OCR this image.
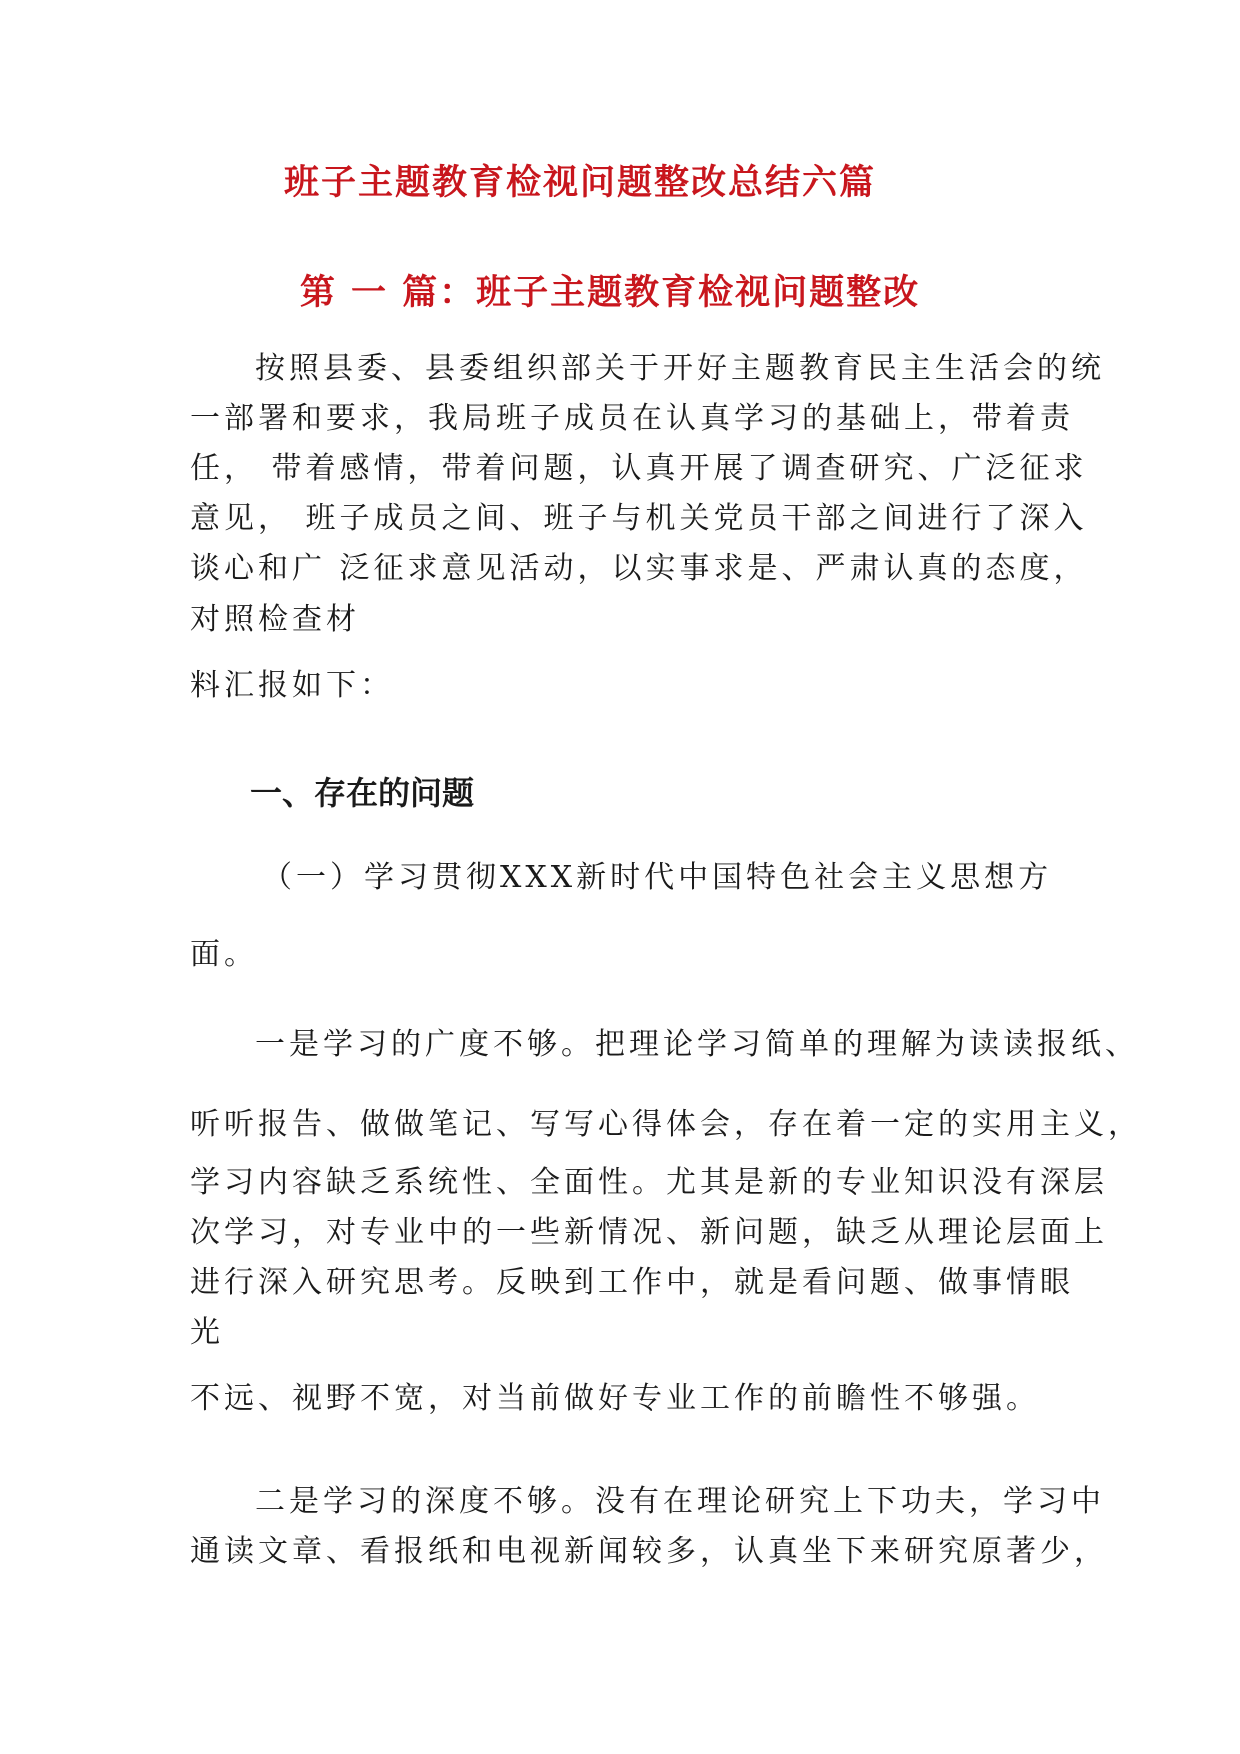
班子主题教育检视问题整改总结六篇
第 一 篇：班子主题教育检视问题整改
按照县委、县委组织部关于开好主题教育民主生活会的统
一部署和要求，我局班子成员在认真学习的基础上，带着责
任， 带着感情，带着问题，认真开展了调查研究、广泛征求
意见， 班子成员之间、班子与机关党员干部之间进行了深入
谈心和广 泛征求意见活动，以实事求是、严肃认真的态度，
对照检查材
料汇报如下：
一、存在的问题
（一）学习贯彻XXX新时代中国特色社会主义思想方
面。
一是学习的广度不够。把理论学习简单的理解为读读报纸、
听听报告、做做笔记、写写心得体会，存在着一定的实用主义，
学习内容缺乏系统性、全面性。尤其是新的专业知识没有深层
次学习，对专业中的一些新情况、新问题，缺乏从理论层面上
进行深入研究思考。反映到工作中，就是看问题、做事情眼
光
不远、视野不宽，对当前做好专业工作的前瞻性不够强。
二是学习的深度不够。没有在理论研究上下功夫，学习中
通读文章、看报纸和电视新闻较多，认真坐下来研究原著少，
